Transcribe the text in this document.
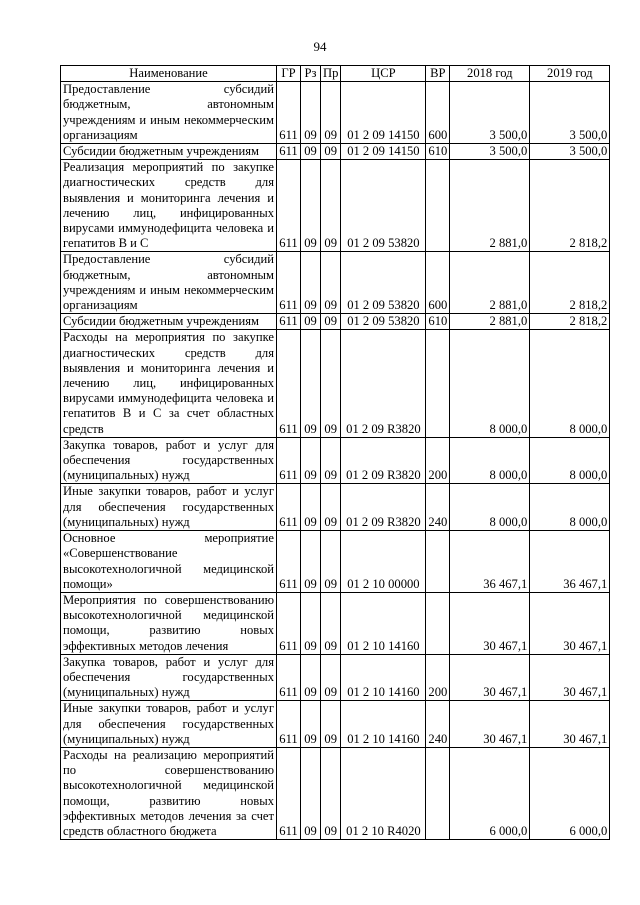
94
Наименование	ГР	Рз	Пр	ЦСР	ВР	2018 год	2019 год
Предоставление субсидий бюджетным, автономным учреждениям и иным некоммерческим организациям	611	09	09	01 2 09 14150	600	3 500,0	3 500,0
Субсидии бюджетным учреждениям	611	09	09	01 2 09 14150	610	3 500,0	3 500,0
Реализация мероприятий по закупке диагностических средств для выявления и мониторинга лечения и лечению лиц, инфицированных вирусами иммунодефицита человека и гепатитов В и С	611	09	09	01 2 09 53820		2 881,0	2 818,2
Предоставление субсидий бюджетным, автономным учреждениям и иным некоммерческим организациям	611	09	09	01 2 09 53820	600	2 881,0	2 818,2
Субсидии бюджетным учреждениям	611	09	09	01 2 09 53820	610	2 881,0	2 818,2
Расходы на мероприятия по закупке диагностических средств для выявления и мониторинга лечения и лечению лиц, инфицированных вирусами иммунодефицита человека и гепатитов В и С за счет областных средств	611	09	09	01 2 09 R3820		8 000,0	8 000,0
Закупка товаров, работ и услуг для обеспечения государственных (муниципальных) нужд	611	09	09	01 2 09 R3820	200	8 000,0	8 000,0
Иные закупки товаров, работ и услуг для обеспечения государственных (муниципальных) нужд	611	09	09	01 2 09 R3820	240	8 000,0	8 000,0
Основное мероприятие «Совершенствование высокотехнологичной медицинской помощи»	611	09	09	01 2 10 00000		36 467,1	36 467,1
Мероприятия по совершенствованию высокотехнологичной медицинской помощи, развитию новых эффективных методов лечения	611	09	09	01 2 10 14160		30 467,1	30 467,1
Закупка товаров, работ и услуг для обеспечения государственных (муниципальных) нужд	611	09	09	01 2 10 14160	200	30 467,1	30 467,1
Иные закупки товаров, работ и услуг для обеспечения государственных (муниципальных) нужд	611	09	09	01 2 10 14160	240	30 467,1	30 467,1
Расходы на реализацию мероприятий по совершенствованию высокотехнологичной медицинской помощи, развитию новых эффективных методов лечения за счет средств областного бюджета	611	09	09	01 2 10 R4020		6 000,0	6 000,0
